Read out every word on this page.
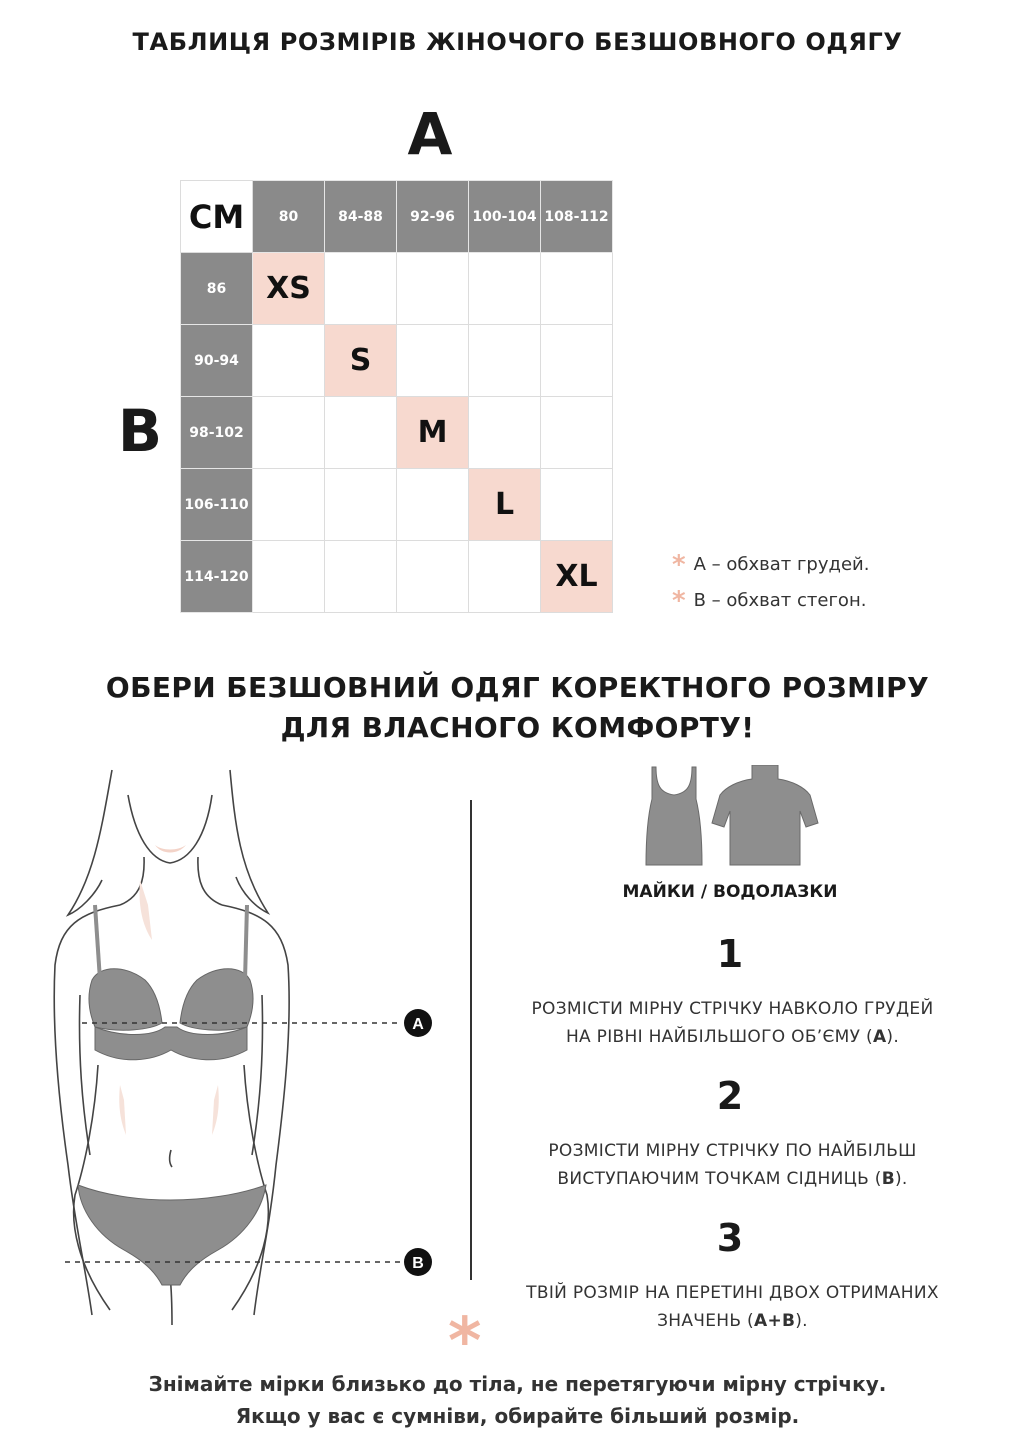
ТАБЛИЦЯ РОЗМІРІВ ЖІНОЧОГО БЕЗШОВНОГО ОДЯГУ
A
B
СМ	80	84-88	92-96	100-104	108-112
86	XS				
90-94		S			
98-102			M		
106-110				L	
114-120					XL	* А – обхват грудей.
* В – обхват стегон.
ОБЕРИ БЕЗШОВНИЙ ОДЯГ КОРЕКТНОГО РОЗМІРУ
ДЛЯ ВЛАСНОГО КОМФОРТУ!
A
B
МАЙКИ / ВОДОЛАЗКИ
1
РОЗМІСТИ МІРНУ СТРІЧКУ НАВКОЛО ГРУДЕЙ
НА РІВНІ НАЙБІЛЬШОГО ОБ’ЄМУ (А).
2
РОЗМІСТИ МІРНУ СТРІЧКУ ПО НАЙБІЛЬШ
ВИСТУПАЮЧИМ ТОЧКАМ СІДНИЦЬ (В).
3
ТВІЙ РОЗМІР НА ПЕРЕТИНІ ДВОХ ОТРИМАНИХ
ЗНАЧЕНЬ (А+В).
*
Знімайте мірки близько до тіла, не перетягуючи мірну стрічку.
Якщо у вас є сумніви, обирайте більший розмір.
